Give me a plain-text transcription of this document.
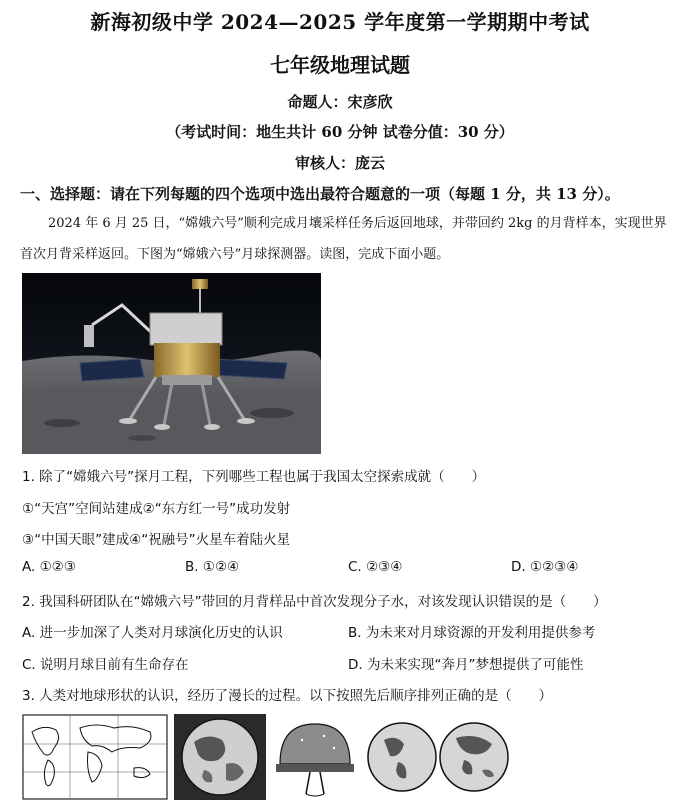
新海初级中学 2024—2025 学年度第一学期期中考试
七年级地理试题
命题人：宋彦欣
（考试时间：地生共计 60 分钟 试卷分值：30 分）
审核人：庞云
一、选择题：请在下列每题的四个选项中选出最符合题意的一项（每题 1 分，共 13 分）。
2024 年 6 月 25 日，“嫦娥六号”顺利完成月壤采样任务后返回地球，并带回约 2kg 的月背样本，实现世界首次月背采样返回。下图为“嫦娥六号”月球探测器。读图，完成下面小题。
1. 除了“嫦娥六号”探月工程，下列哪些工程也属于我国太空探索成就（　　）
①“天宫”空间站建成②“东方红一号”成功发射
③“中国天眼”建成④“祝融号”火星车着陆火星
A. ①②③	B. ①②④	C. ②③④	D. ①②③④
2. 我国科研团队在“嫦娥六号”带回的月背样品中首次发现分子水，对该发现认识错误的是（　　）
A. 进一步加深了人类对月球演化历史的认识	B. 为未来对月球资源的开发利用提供参考
C. 说明月球目前有生命存在	D. 为未来实现“奔月”梦想提供了可能性
3. 人类对地球形状的认识，经历了漫长的过程。以下按照先后顺序排列正确的是（　　）
